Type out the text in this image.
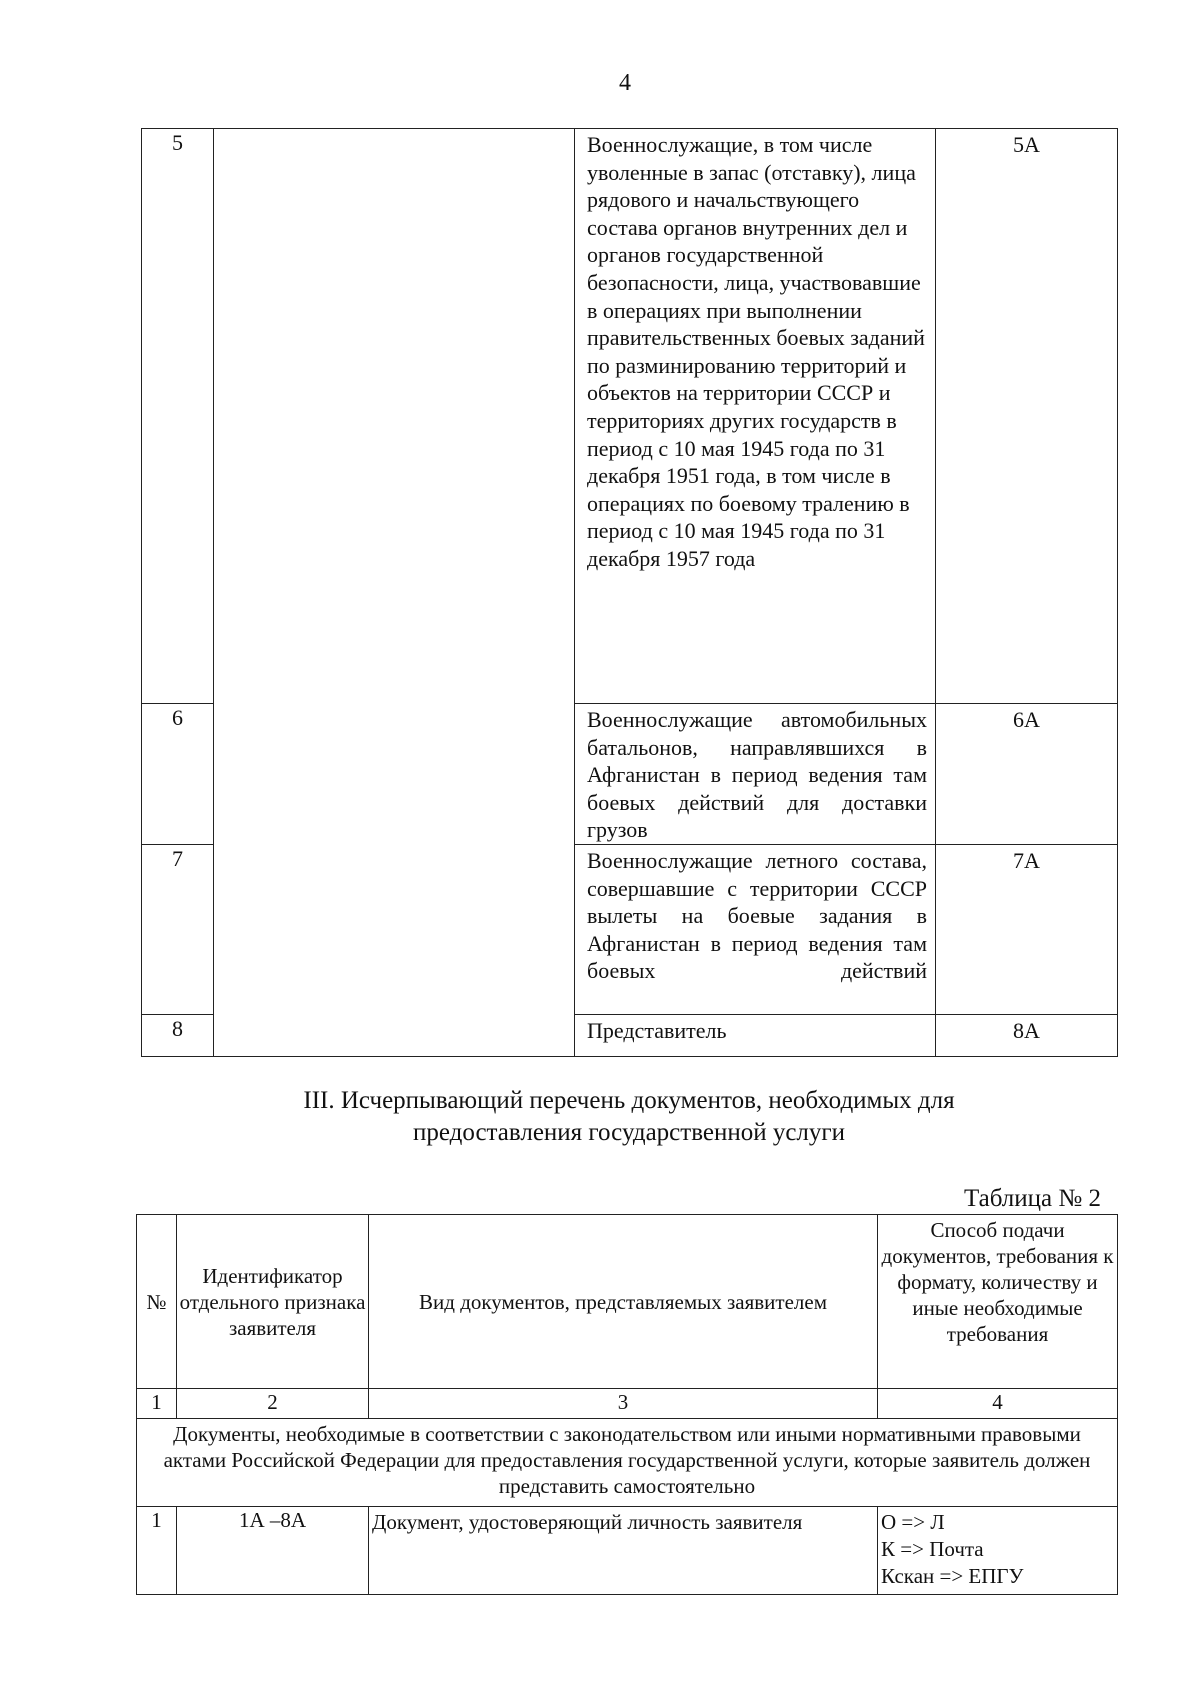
4
5		Военнослужащие, в том числе уволенные в запас (отставку), лица рядового и начальствующего состава органов внутренних дел и органов государственной безопасности, лица, участвовавшие в операциях при выполнении правительственных боевых заданий по разминированию территорий и объектов на территории СССР и территориях других государств в период с 10 мая 1945 года по 31 декабря 1951 года, в том числе в операциях по боевому тралению в период с 10 мая 1945 года по 31 декабря 1957 года	5А
6		Военнослужащие автомобильных батальонов, направлявшихся в Афганистан в период ведения там боевых действий для доставки грузов	6А
7		Военнослужащие летного состава, совершавшие с территории СССР вылеты на боевые задания в Афганистан в период ведения там боевых действий	7А
8		Представитель	8А
III. Исчерпывающий перечень документов, необходимых для
предоставления государственной услуги
Таблица № 2
№	Идентификатор отдельного признака заявителя	Вид документов, представляемых заявителем	Способ подачи документов, требования к формату, количеству и иные необходимые требования
1	2	3	4
Документы, необходимые в соответствии с законодательством или иными нормативными правовыми актами Российской Федерации для предоставления государственной услуги, которые заявитель должен представить самостоятельно			
1	1А –8А	Документ, удостоверяющий личность заявителя	О => Л
К => Почта
Кскан => ЕПГУ
